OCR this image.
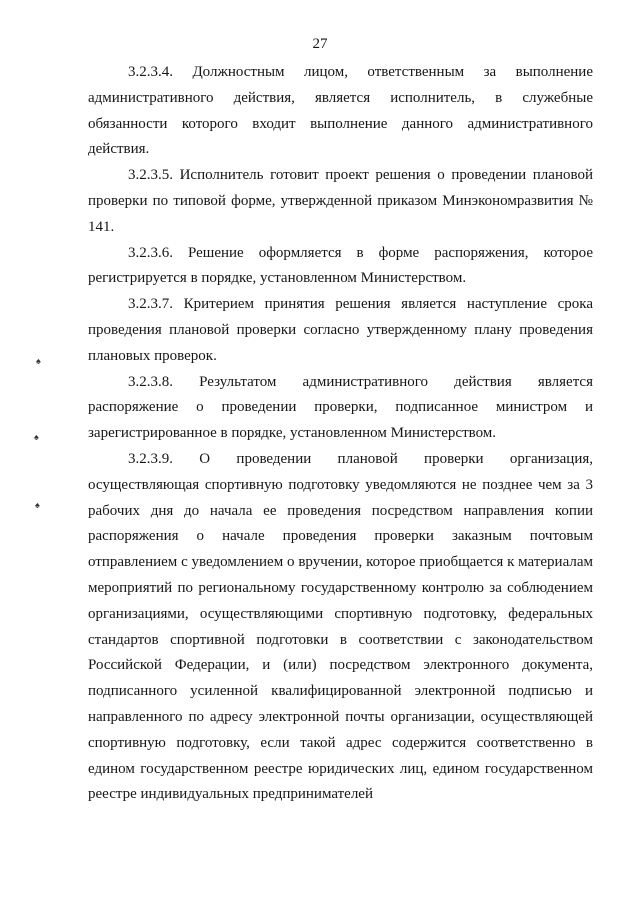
27
♠
♠
♠

3.2.3.4. Должностным лицом, ответственным за выполнение административного действия, является исполнитель, в служебные обязанности которого входит выполнение данного административного действия.

3.2.3.5. Исполнитель готовит проект решения о проведении плановой проверки по типовой форме, утвержденной приказом Минэкономразвития № 141.

3.2.3.6. Решение оформляется в форме распоряжения, которое регистрируется в порядке, установленном Министерством.

3.2.3.7. Критерием принятия решения является наступление срока проведения плановой проверки согласно утвержденному плану проведения плановых проверок.

3.2.3.8. Результатом административного действия является распоряжение о проведении проверки, подписанное министром и зарегистрированное в порядке, установленном Министерством.

3.2.3.9. О проведении плановой проверки организация, осуществляющая спортивную подготовку уведомляются не позднее чем за 3 рабочих дня до начала ее проведения посредством направления копии распоряжения о начале проведения проверки заказным почтовым отправлением с уведомлением о вручении, которое приобщается к материалам мероприятий по региональному государственному контролю за соблюдением организациями, осуществляющими спортивную подготовку, федеральных стандартов спортивной подготовки в соответствии с законодательством Российской Федерации, и (или) посредством электронного документа, подписанного усиленной квалифицированной электронной подписью и направленного по адресу электронной почты организации, осуществляющей спортивную подготовку, если такой адрес содержится соответственно в едином государственном реестре юридических лиц, едином государственном реестре индивидуальных предпринимателей
